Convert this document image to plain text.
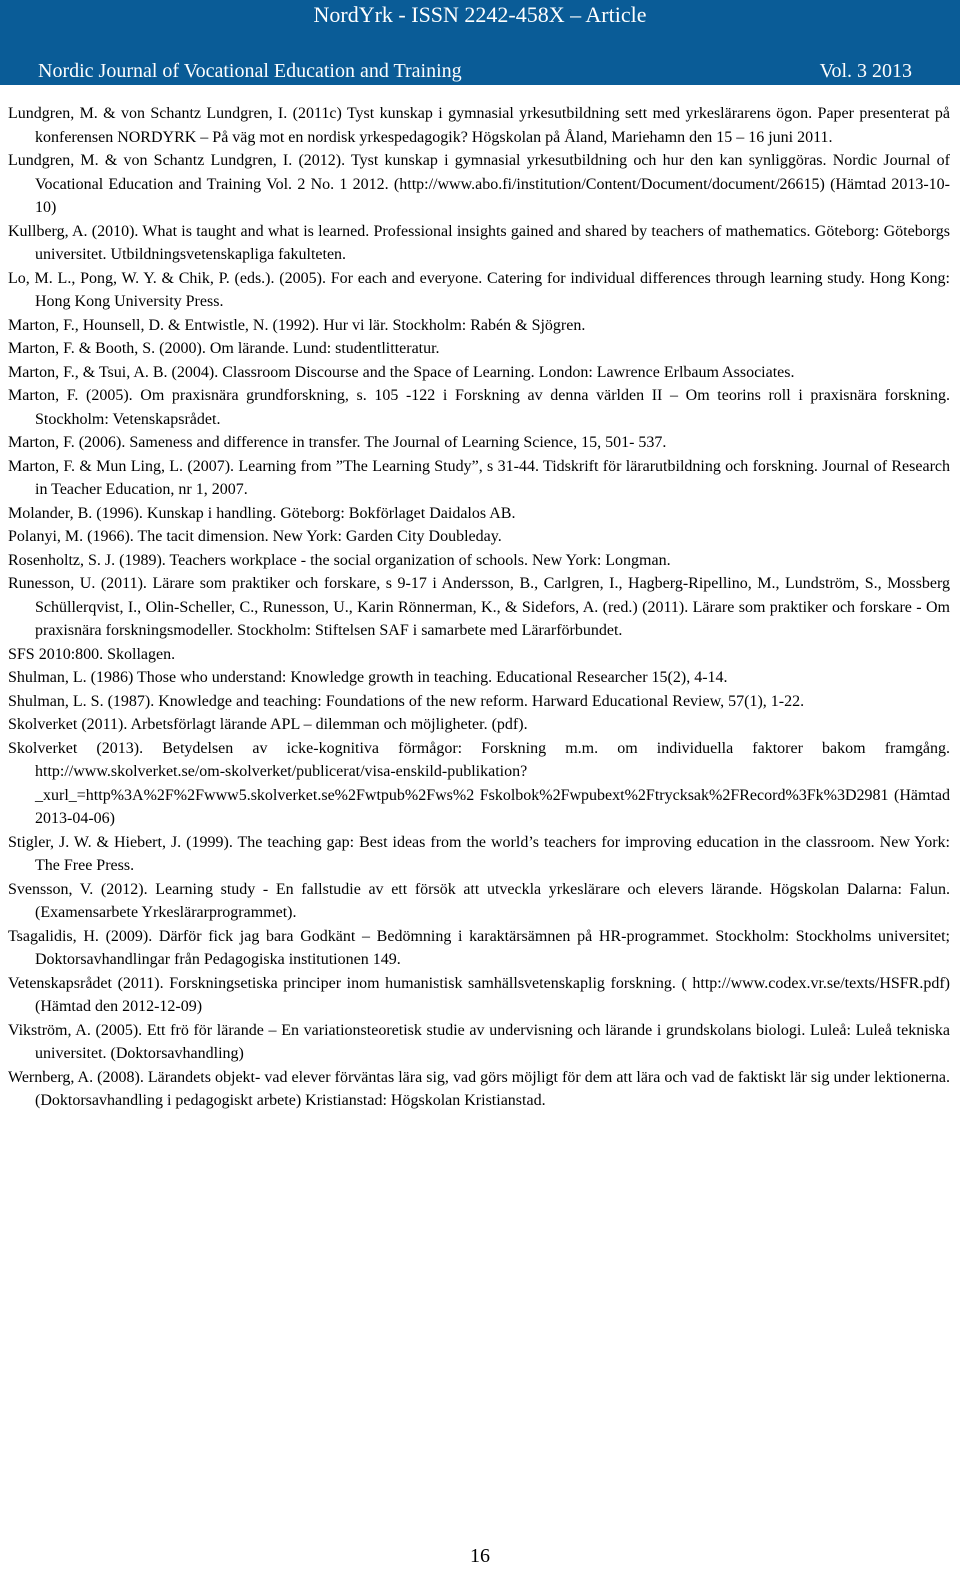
NordYrk - ISSN 2242-458X – Article
Nordic Journal of Vocational Education and Training	Vol. 3 2013

Lundgren, M. & von Schantz Lundgren, I. (2011c) Tyst kunskap i gymnasial yrkesutbildning sett med yrkeslärarens ögon. Paper presenterat på konferensen NORDYRK – På väg mot en nordisk yrkespedagogik? Högskolan på Åland, Mariehamn den 15 – 16 juni 2011.

Lundgren, M. & von Schantz Lundgren, I. (2012). Tyst kunskap i gymnasial yrkesutbildning och hur den kan synliggöras. Nordic Journal of Vocational Education and Training Vol. 2 No. 1 2012. (http://www.abo.fi/institution/Content/Document/document/26615) (Hämtad 2013-10-10)

Kullberg, A. (2010). What is taught and what is learned. Professional insights gained and shared by teachers of mathematics. Göteborg: Göteborgs universitet. Utbildningsvetenskapliga fakulteten.

Lo, M. L., Pong, W. Y. & Chik, P. (eds.). (2005). For each and everyone. Catering for individual differences through learning study. Hong Kong: Hong Kong University Press.

Marton, F., Hounsell, D. & Entwistle, N. (1992). Hur vi lär. Stockholm: Rabén & Sjögren.

Marton, F. & Booth, S. (2000). Om lärande. Lund: studentlitteratur.

Marton, F., & Tsui, A. B. (2004). Classroom Discourse and the Space of Learning. London: Lawrence Erlbaum Associates.

Marton, F. (2005). Om praxisnära grundforskning, s. 105 -122 i Forskning av denna världen II – Om teorins roll i praxisnära forskning. Stockholm: Vetenskapsrådet.

Marton, F. (2006). Sameness and difference in transfer. The Journal of Learning Science, 15, 501- 537.

Marton, F. & Mun Ling, L. (2007). Learning from ”The Learning Study”, s 31-44. Tidskrift för lärarutbildning och forskning. Journal of Research in Teacher Education, nr 1, 2007.

Molander, B. (1996). Kunskap i handling. Göteborg: Bokförlaget Daidalos AB.

Polanyi, M. (1966). The tacit dimension. New York: Garden City Doubleday.

Rosenholtz, S. J. (1989). Teachers workplace - the social organization of schools. New York: Longman.

Runesson, U. (2011). Lärare som praktiker och forskare, s 9-17 i Andersson, B., Carlgren, I., Hagberg-Ripellino, M., Lundström, S., Mossberg Schüllerqvist, I., Olin-Scheller, C., Runesson, U., Karin Rönnerman, K., & Sidefors, A. (red.) (2011). Lärare som praktiker och forskare - Om praxisnära forskningsmodeller. Stockholm: Stiftelsen SAF i samarbete med Lärarförbundet.

SFS 2010:800. Skollagen.

Shulman, L. (1986) Those who understand: Knowledge growth in teaching. Educational Researcher 15(2), 4-14.

Shulman, L. S. (1987). Knowledge and teaching: Foundations of the new reform. Harward Educational Review, 57(1), 1-22.

Skolverket (2011). Arbetsförlagt lärande APL – dilemman och möjligheter. (pdf).

Skolverket (2013). Betydelsen av icke-kognitiva förmågor: Forskning m.m. om individuella faktorer bakom framgång. http://www.skolverket.se/om-skolverket/publicerat/visa-enskild-publikation?_xurl_=http%3A%2F%2Fwww5.skolverket.se%2Fwtpub%2Fws%2 Fskolbok%2Fwpubext%2Ftrycksak%2FRecord%3Fk%3D2981 (Hämtad 2013-04-06)

Stigler, J. W. & Hiebert, J. (1999). The teaching gap: Best ideas from the world’s teachers for improving education in the classroom. New York: The Free Press.

Svensson, V. (2012). Learning study - En fallstudie av ett försök att utveckla yrkeslärare och elevers lärande. Högskolan Dalarna: Falun. (Examensarbete Yrkeslärarprogrammet).

Tsagalidis, H. (2009). Därför fick jag bara Godkänt – Bedömning i karaktärsämnen på HR-programmet. Stockholm: Stockholms universitet; Doktorsavhandlingar från Pedagogiska institutionen 149.

Vetenskapsrådet (2011). Forskningsetiska principer inom humanistisk samhällsvetenskaplig forskning. ( http://www.codex.vr.se/texts/HSFR.pdf) (Hämtad den 2012-12-09)

Vikström, A. (2005). Ett frö för lärande – En variationsteoretisk studie av undervisning och lärande i grundskolans biologi. Luleå: Luleå tekniska universitet. (Doktorsavhandling)

Wernberg, A. (2008). Lärandets objekt- vad elever förväntas lära sig, vad görs möjligt för dem att lära och vad de faktiskt lär sig under lektionerna. (Doktorsavhandling i pedagogiskt arbete) Kristianstad: Högskolan Kristianstad.

16
